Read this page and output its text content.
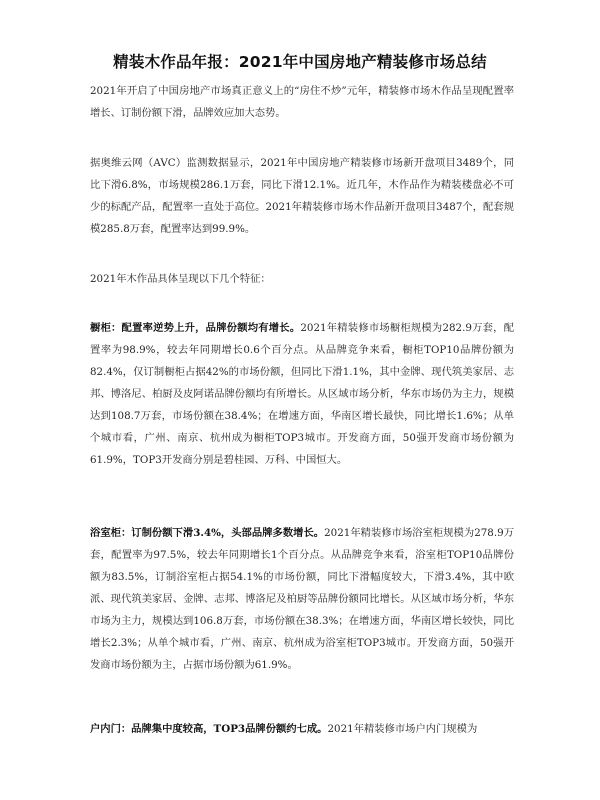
精装木作品年报：2021年中国房地产精装修市场总结

2021年开启了中国房地产市场真正意义上的“房住不炒”元年，精装修市场木作品呈现配置率增长、订制份额下滑，品牌效应加大态势。

据奥维云网（AVC）监测数据显示，2021年中国房地产精装修市场新开盘项目3489个，同比下滑6.8%，市场规模286.1万套，同比下滑12.1%。近几年，木作品作为精装楼盘必不可少的标配产品，配置率一直处于高位。2021年精装修市场木作品新开盘项目3487个，配套规模285.8万套，配置率达到99.9%。

2021年木作品具体呈现以下几个特征：

橱柜：配置率逆势上升，品牌份额均有增长。2021年精装修市场橱柜规模为282.9万套，配置率为98.9%，较去年同期增长0.6个百分点。从品牌竞争来看，橱柜TOP10品牌份额为82.4%，仅订制橱柜占据42%的市场份额，但同比下滑1.1%，其中金牌、现代筑美家居、志邦、博洛尼、柏厨及皮阿诺品牌份额均有所增长。从区域市场分析，华东市场仍为主力，规模达到108.7万套，市场份额在38.4%；在增速方面，华南区增长最快，同比增长1.6%；从单个城市看，广州、南京、杭州成为橱柜TOP3城市。开发商方面，50强开发商市场份额为61.9%，TOP3开发商分别是碧桂园、万科、中国恒大。

浴室柜：订制份额下滑3.4%，头部品牌多数增长。2021年精装修市场浴室柜规模为278.9万套，配置率为97.5%，较去年同期增长1个百分点。从品牌竞争来看，浴室柜TOP10品牌份额为83.5%，订制浴室柜占据54.1%的市场份额，同比下滑幅度较大，下滑3.4%，其中欧派、现代筑美家居、金牌、志邦、博洛尼及柏厨等品牌份额同比增长。从区域市场分析，华东市场为主力，规模达到106.8万套，市场份额在38.3%；在增速方面，华南区增长较快，同比增长2.3%；从单个城市看，广州、南京、杭州成为浴室柜TOP3城市。开发商方面，50强开发商市场份额为主，占据市场份额为61.9%。

户内门：品牌集中度较高，TOP3品牌份额约七成。2021年精装修市场户内门规模为
